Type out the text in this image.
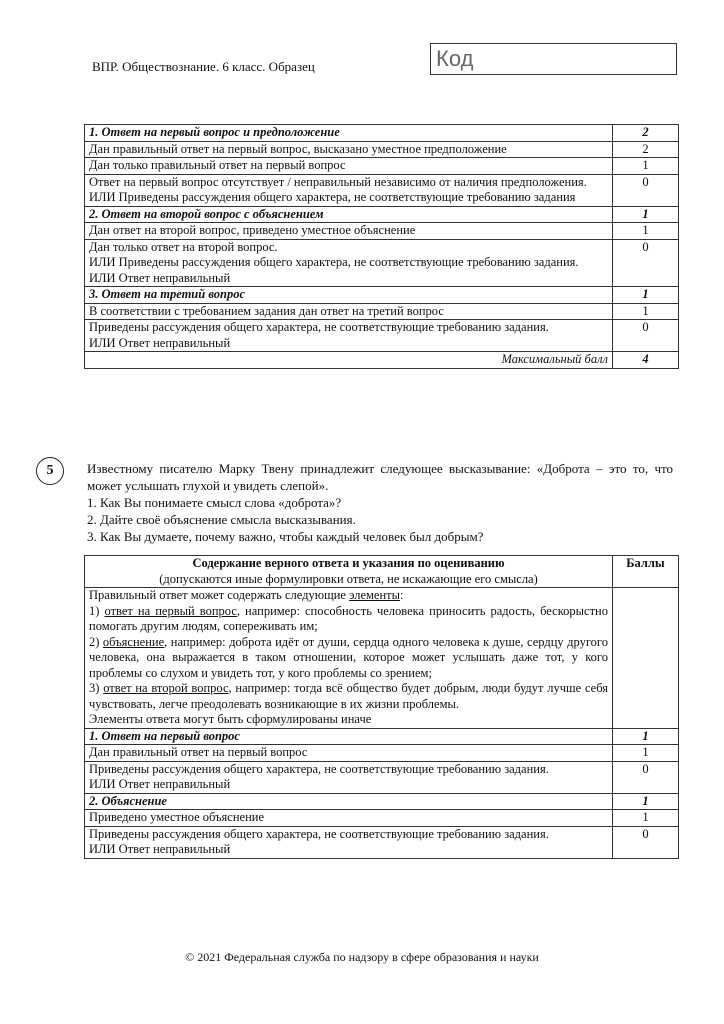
ВПР. Обществознание. 6 класс. Образец	Код
1. Ответ на первый вопрос и предположение	2
Дан правильный ответ на первый вопрос, высказано уместное предположение	2
Дан только правильный ответ на первый вопрос	1

Ответ на первый вопрос отсутствует / неправильный независимо от наличия предположения.
ИЛИ Приведены рассуждения общего характера, не соответствующие требованию задания	0
2. Ответ на второй вопрос с объяснением	1
Дан ответ на второй вопрос, приведено уместное объяснение	1

Дан только ответ на второй вопрос.
ИЛИ Приведены рассуждения общего характера, не соответствующие требованию задания.
ИЛИ Ответ неправильный	0
3. Ответ на третий вопрос	1
В соответствии с требованием задания дан ответ на третий вопрос	1

Приведены рассуждения общего характера, не соответствующие требованию задания.
ИЛИ Ответ неправильный	0
Максимальный балл	4
5	Известному писателю Марку Твену принадлежит следующее высказывание: «Доброта – это то, что может услышать глухой и увидеть слепой».

1. Как Вы понимаете смысл слова «доброта»?

2. Дайте своё объяснение смысла высказывания.

3. Как Вы думаете, почему важно, чтобы каждый человек был добрым?

Содержание верного ответа и указания по оцениванию
(допускаются иные формулировки ответа, не искажающие его смысла)	Баллы

Правильный ответ может содержать следующие элементы:
1) ответ на первый вопрос, например: способность человека приносить радость, бескорыстно помогать другим людям, сопереживать им;
2) объяснение, например: доброта идёт от души, сердца одного человека к душе, сердцу другого человека, она выражается в таком отношении, которое может услышать даже тот, у кого проблемы со слухом и увидеть тот, у кого проблемы со зрением;
3) ответ на второй вопрос, например: тогда всё общество будет добрым, люди будут лучше себя чувствовать, легче преодолевать возникающие в их жизни проблемы.
Элементы ответа могут быть сформулированы иначе	

1. Ответ на первый вопрос	1
Дан правильный ответ на первый вопрос	1

Приведены рассуждения общего характера, не соответствующие требованию задания.
ИЛИ Ответ неправильный	0
2. Объяснение	1
Приведено уместное объяснение	1

Приведены рассуждения общего характера, не соответствующие требованию задания.
ИЛИ Ответ неправильный	0
© 2021 Федеральная служба по надзору в сфере образования и науки
